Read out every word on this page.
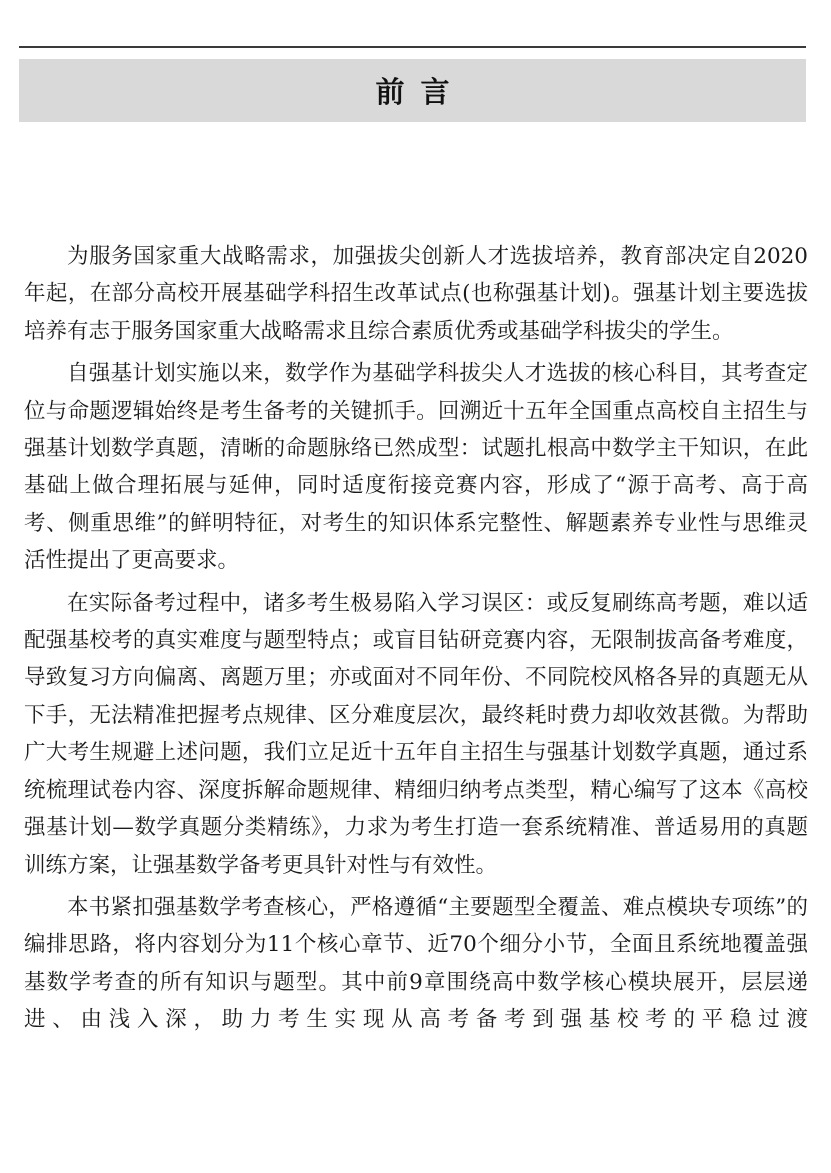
前言

为服务国家重大战略需求，加强拔尖创新人才选拔培养，教育部决定自2020年起，在部分高校开展基础学科招生改革试点(也称强基计划)。强基计划主要选拔培养有志于服务国家重大战略需求且综合素质优秀或基础学科拔尖的学生。

自强基计划实施以来，数学作为基础学科拔尖人才选拔的核心科目，其考查定位与命题逻辑始终是考生备考的关键抓手。回溯近十五年全国重点高校自主招生与强基计划数学真题，清晰的命题脉络已然成型：试题扎根高中数学主干知识，在此基础上做合理拓展与延伸，同时适度衔接竞赛内容，形成了“源于高考、高于高考、侧重思维”的鲜明特征，对考生的知识体系完整性、解题素养专业性与思维灵活性提出了更高要求。

在实际备考过程中，诸多考生极易陷入学习误区：或反复刷练高考题，难以适配强基校考的真实难度与题型特点；或盲目钻研竞赛内容，无限制拔高备考难度，导致复习方向偏离、离题万里；亦或面对不同年份、不同院校风格各异的真题无从下手，无法精准把握考点规律、区分难度层次，最终耗时费力却收效甚微。为帮助广大考生规避上述问题，我们立足近十五年自主招生与强基计划数学真题，通过系统梳理试卷内容、深度拆解命题规律、精细归纳考点类型，精心编写了这本《高校强基计划—数学真题分类精练》，力求为考生打造一套系统精准、普适易用的真题训练方案，让强基数学备考更具针对性与有效性。

本书紧扣强基数学考查核心，严格遵循“主要题型全覆盖、难点模块专项练”的编排思路，将内容划分为11个核心章节、近70个细分小节，全面且系统地覆盖强基数学考查的所有知识与题型。其中前9章围绕高中数学核心模块展开，层层递进、由浅入深，助力考生实现从高考备考到强基校考的平稳过渡
